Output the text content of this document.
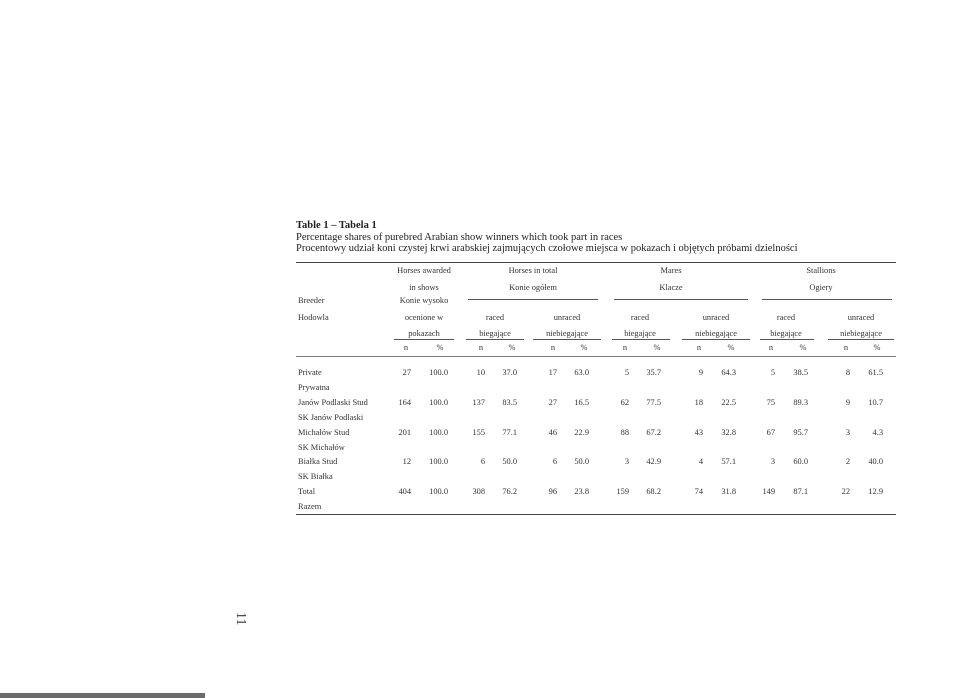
Table 1 – Tabela 1
Percentage shares of purebred Arabian show winners which took part in races
Procentowy udział koni czystej krwi arabskiej zajmujących czołowe miejsca w pokazach i objętych próbami dzielności
Breeder
Hodowla
Horses awarded
in shows
Konie wysoko
ocenione w
pokazach
Horses in total
Konie ogółem
Mares
Klacze
Stallions
Ogiery
raced
biegające
unraced
niebiegające
raced
biegające
unraced
niebiegające
raced
biegające
unraced
niebiegające
n	%	n	%	n	%	n	%	n	%	n	%	n	%
Private
Prywatna
27 100.0	10 37.0	17 63.0	5 35.7	9 64.3	5 38.5	8 61.5
Janów Podlaski Stud
SK Janów Podlaski
164 100.0	137 83.5	27 16.5	62 77.5	18 22.5	75 89.3	9 10.7
Michałów Stud
SK Michałów
201 100.0	155 77.1	46 22.9	88 67.2	43 32.8	67 95.7	3	4.3
Białka Stud
SK Białka
12 100.0	6 50.0	6 50.0	3 42.9	4 57.1	3 60.0	2 40.0
Total
Razem
404 100.0	308 76.2	96 23.8	159 68.2	74 31.8	149 87.1	22 12.9
11
